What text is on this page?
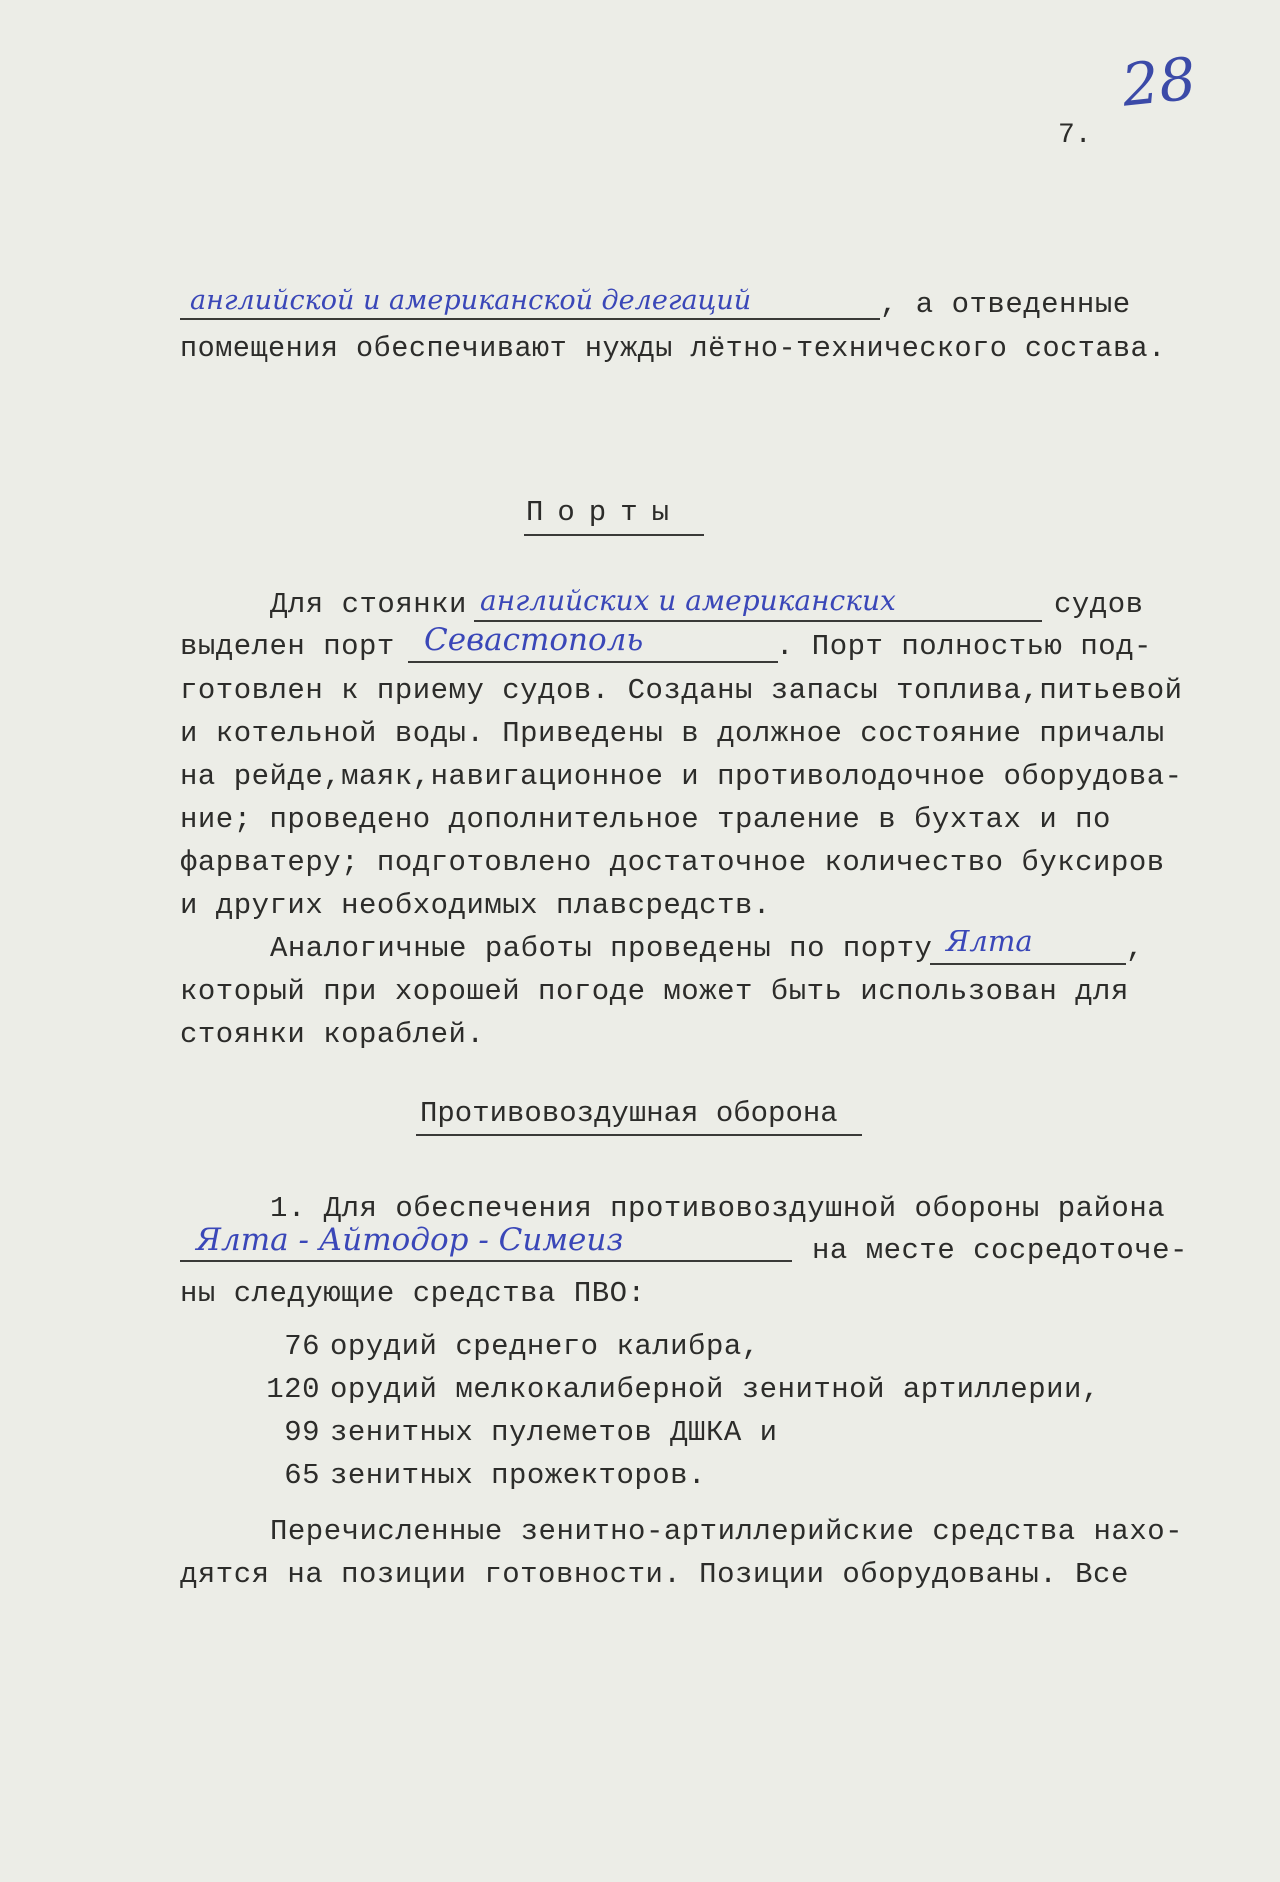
28
7.
английской и американской делегаций	, а отведенные
помещения обеспечивают нужды лётно-технического состава.
Порты
Для стоянки английских и американских	судов
выделен порт Севастополь	. Порт полностью под-
готовлен к приему судов. Созданы запасы топлива,питьевой
и котельной воды. Приведены в должное состояние причалы
на рейде,маяк,навигационное и противолодочное оборудова-
ние; проведено дополнительное траление в бухтах и по
фарватеру; подготовлено достаточное количество буксиров
и других необходимых плавсредств.
Аналогичные работы проведены по порту Ялта	,
который при хорошей погоде может быть использован для
стоянки кораблей.
Противовоздушная оборона
1. Для обеспечения противовоздушной обороны района
Ялта - Айтодор - Симеиз	на месте сосредоточе-
ны следующие средства ПВО:
76 орудий среднего калибра,
120 орудий мелкокалиберной зенитной артиллерии,
99 зенитных пулеметов ДШКА и
65 зенитных прожекторов.
Перечисленные зенитно-артиллерийские средства нахо-
дятся на позиции готовности. Позиции оборудованы. Все
